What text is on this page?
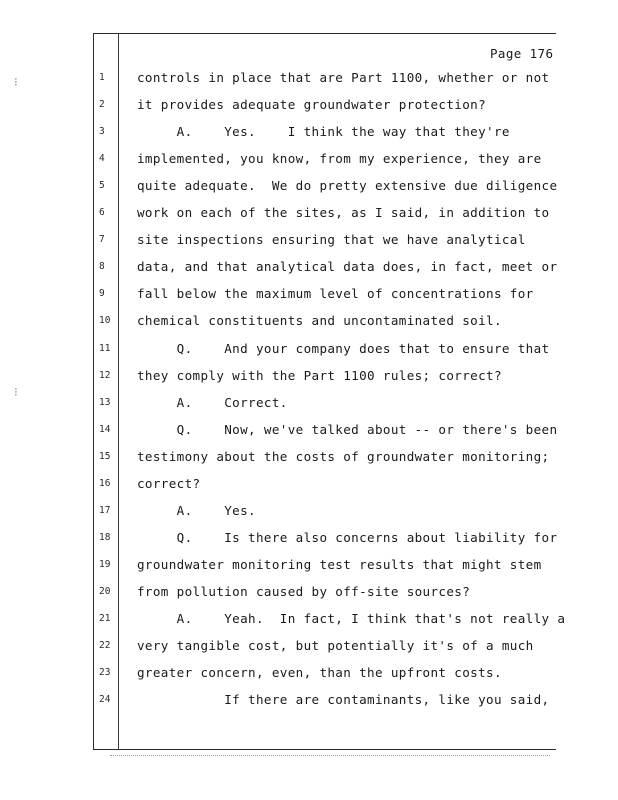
⁝
⁝
Page 176
1	controls in place that are Part 1100, whether or not
2	it provides adequate groundwater protection?
3	A.    Yes.    I think the way that they're
4	implemented, you know, from my experience, they are
5	quite adequate.  We do pretty extensive due diligence
6	work on each of the sites, as I said, in addition to
7	site inspections ensuring that we have analytical
8	data, and that analytical data does, in fact, meet or
9	fall below the maximum level of concentrations for
10	chemical constituents and uncontaminated soil.
11	Q.    And your company does that to ensure that
12	they comply with the Part 1100 rules; correct?
13	A.    Correct.
14	Q.    Now, we've talked about -- or there's been
15	testimony about the costs of groundwater monitoring;
16	correct?
17	A.    Yes.
18	Q.    Is there also concerns about liability for
19	groundwater monitoring test results that might stem
20	from pollution caused by off-site sources?
21	A.    Yeah.  In fact, I think that's not really a
22	very tangible cost, but potentially it's of a much
23	greater concern, even, than the upfront costs.
24	If there are contaminants, like you said,
